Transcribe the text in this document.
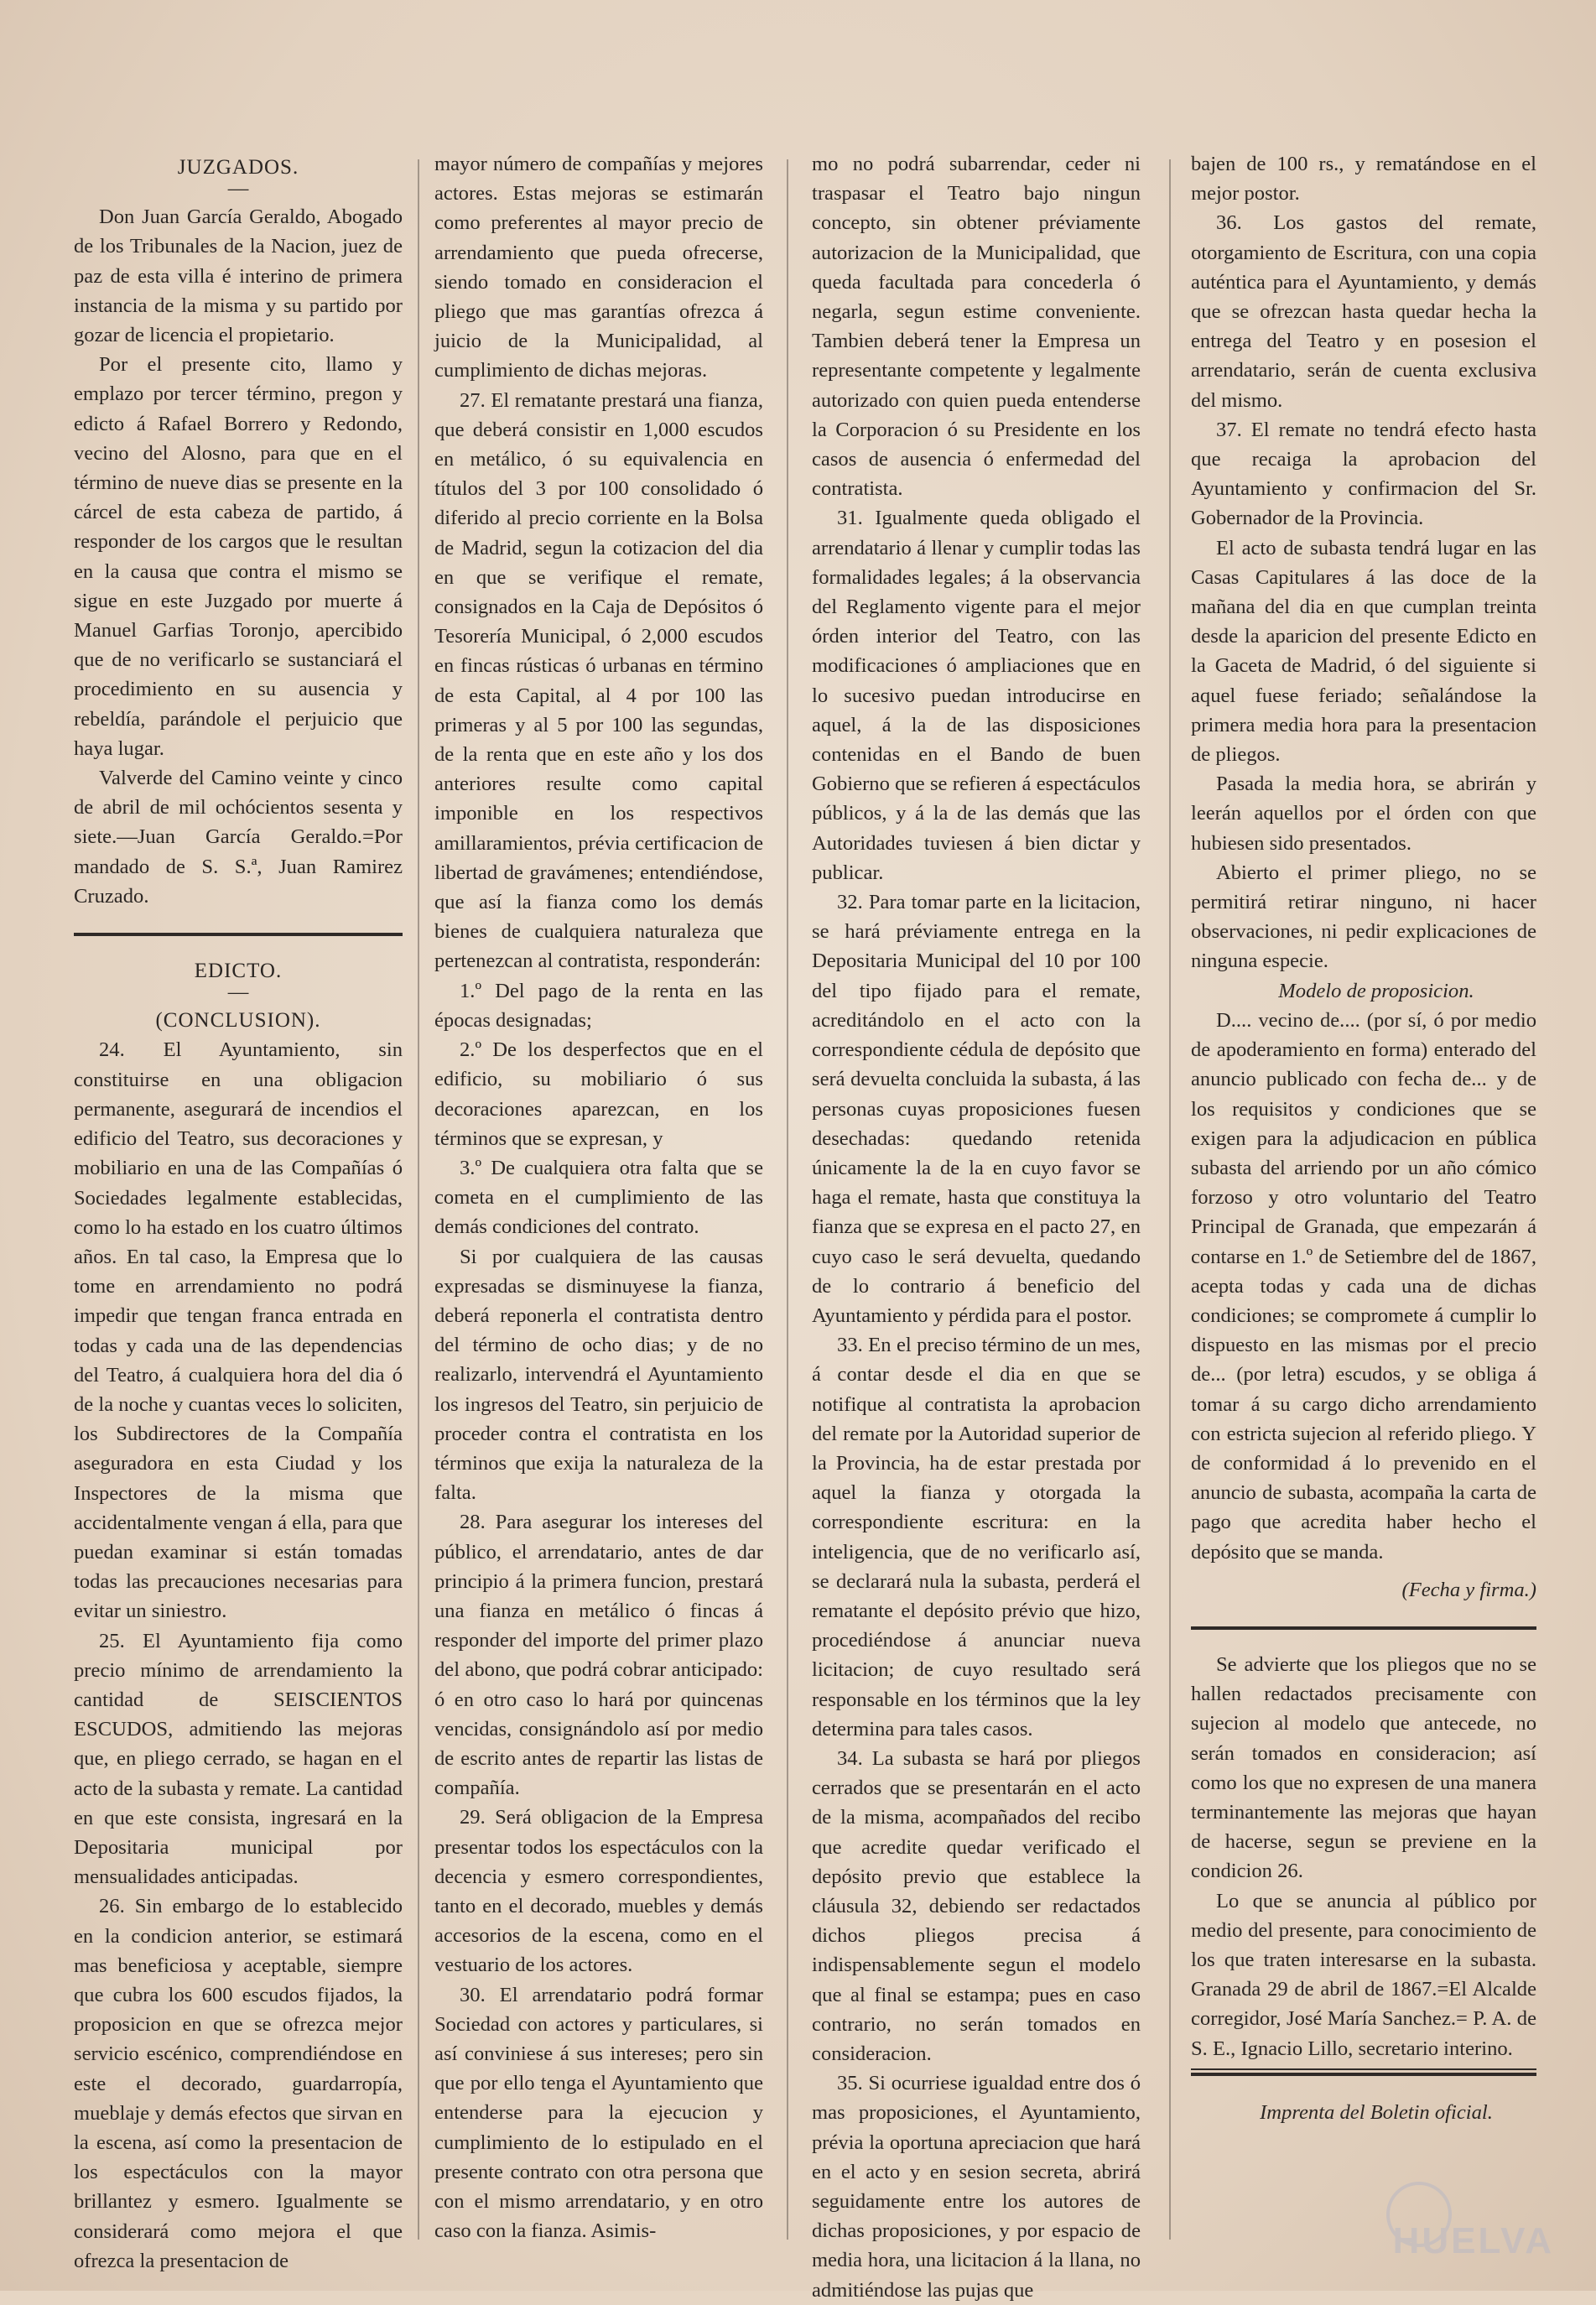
JUZGADOS.
—

Don Juan García Geraldo, Abogado de los Tribunales de la Nacion, juez de paz de esta villa é interino de primera instancia de la misma y su partido por gozar de licencia el propietario.

Por el presente cito, llamo y emplazo por tercer término, pregon y edicto á Rafael Borrero y Redondo, vecino del Alosno, para que en el término de nueve dias se presente en la cárcel de esta cabeza de partido, á responder de los cargos que le resultan en la causa que contra el mismo se sigue en este Juzgado por muerte á Manuel Garfias Toronjo, apercibido que de no verificarlo se sustanciará el procedimiento en su ausencia y rebeldía, parándole el perjuicio que haya lugar.

Valverde del Camino veinte y cinco de abril de mil ochócientos sesenta y siete.—Juan García Geraldo.=Por mandado de S. S.ª, Juan Ramirez Cruzado.

EDICTO.
—
(CONCLUSION).

24. El Ayuntamiento, sin constituirse en una obligacion permanente, asegurará de incendios el edificio del Teatro, sus decoraciones y mobiliario en una de las Compañías ó Sociedades legalmente establecidas, como lo ha estado en los cuatro últimos años. En tal caso, la Empresa que lo tome en arrendamiento no podrá impedir que tengan franca entrada en todas y cada una de las dependencias del Teatro, á cualquiera hora del dia ó de la noche y cuantas veces lo soliciten, los Subdirectores de la Compañía aseguradora en esta Ciudad y los Inspectores de la misma que accidentalmente vengan á ella, para que puedan examinar si están tomadas todas las precauciones necesarias para evitar un siniestro.

25. El Ayuntamiento fija como precio mínimo de arrendamiento la cantidad de SEISCIENTOS ESCUDOS, admitiendo las mejoras que, en pliego cerrado, se hagan en el acto de la subasta y remate. La cantidad en que este consista, ingresará en la Depositaria municipal por mensualidades anticipadas.

26. Sin embargo de lo establecido en la condicion anterior, se estimará mas beneficiosa y aceptable, siempre que cubra los 600 escudos fijados, la proposicion en que se ofrezca mejor servicio escénico, comprendiéndose en este el decorado, guardarropía, mueblaje y demás efectos que sirvan en la escena, así como la presentacion de los espectáculos con la mayor brillantez y esmero. Igualmente se considerará como mejora el que ofrezca la presentacion de

mayor número de compañías y mejores actores. Estas mejoras se estimarán como preferentes al mayor precio de arrendamiento que pueda ofrecerse, siendo tomado en consideracion el pliego que mas garantías ofrezca á juicio de la Municipalidad, al cumplimiento de dichas mejoras.

27. El rematante prestará una fianza, que deberá consistir en 1,000 escudos en metálico, ó su equivalencia en títulos del 3 por 100 consolidado ó diferido al precio corriente en la Bolsa de Madrid, segun la cotizacion del dia en que se verifique el remate, consignados en la Caja de Depósitos ó Tesorería Municipal, ó 2,000 escudos en fincas rústicas ó urbanas en término de esta Capital, al 4 por 100 las primeras y al 5 por 100 las segundas, de la renta que en este año y los dos anteriores resulte como capital imponible en los respectivos amillaramientos, prévia certificacion de libertad de gravámenes; entendiéndose, que así la fianza como los demás bienes de cualquiera naturaleza que pertenezcan al contratista, responderán:

1.º Del pago de la renta en las épocas designadas;

2.º De los desperfectos que en el edificio, su mobiliario ó sus decoraciones aparezcan, en los términos que se expresan, y

3.º De cualquiera otra falta que se cometa en el cumplimiento de las demás condiciones del contrato.

Si por cualquiera de las causas expresadas se disminuyese la fianza, deberá reponerla el contratista dentro del término de ocho dias; y de no realizarlo, intervendrá el Ayuntamiento los ingresos del Teatro, sin perjuicio de proceder contra el contratista en los términos que exija la naturaleza de la falta.

28. Para asegurar los intereses del público, el arrendatario, antes de dar principio á la primera funcion, prestará una fianza en metálico ó fincas á responder del importe del primer plazo del abono, que podrá cobrar anticipado: ó en otro caso lo hará por quincenas vencidas, consignándolo así por medio de escrito antes de repartir las listas de compañía.

29. Será obligacion de la Empresa presentar todos los espectáculos con la decencia y esmero correspondientes, tanto en el decorado, muebles y demás accesorios de la escena, como en el vestuario de los actores.

30. El arrendatario podrá formar Sociedad con actores y particulares, si así conviniese á sus intereses; pero sin que por ello tenga el Ayuntamiento que entenderse para la ejecucion y cumplimiento de lo estipulado en el presente contrato con otra persona que con el mismo arrendatario, y en otro caso con la fianza. Asimis-

mo no podrá subarrendar, ceder ni traspasar el Teatro bajo ningun concepto, sin obtener préviamente autorizacion de la Municipalidad, que queda facultada para concederla ó negarla, segun estime conveniente. Tambien deberá tener la Empresa un representante competente y legalmente autorizado con quien pueda entenderse la Corporacion ó su Presidente en los casos de ausencia ó enfermedad del contratista.

31. Igualmente queda obligado el arrendatario á llenar y cumplir todas las formalidades legales; á la observancia del Reglamento vigente para el mejor órden interior del Teatro, con las modificaciones ó ampliaciones que en lo sucesivo puedan introducirse en aquel, á la de las disposiciones contenidas en el Bando de buen Gobierno que se refieren á espectáculos públicos, y á la de las demás que las Autoridades tuviesen á bien dictar y publicar.

32. Para tomar parte en la licitacion, se hará préviamente entrega en la Depositaria Municipal del 10 por 100 del tipo fijado para el remate, acreditándolo en el acto con la correspondiente cédula de depósito que será devuelta concluida la subasta, á las personas cuyas proposiciones fuesen desechadas: quedando retenida únicamente la de la en cuyo favor se haga el remate, hasta que constituya la fianza que se expresa en el pacto 27, en cuyo caso le será devuelta, quedando de lo contrario á beneficio del Ayuntamiento y pérdida para el postor.

33. En el preciso término de un mes, á contar desde el dia en que se notifique al contratista la aprobacion del remate por la Autoridad superior de la Provincia, ha de estar prestada por aquel la fianza y otorgada la correspondiente escritura: en la inteligencia, que de no verificarlo así, se declarará nula la subasta, perderá el rematante el depósito prévio que hizo, procediéndose á anunciar nueva licitacion; de cuyo resultado será responsable en los términos que la ley determina para tales casos.

34. La subasta se hará por pliegos cerrados que se presentarán en el acto de la misma, acompañados del recibo que acredite quedar verificado el depósito previo que establece la cláusula 32, debiendo ser redactados dichos pliegos precisa á indispensablemente segun el modelo que al final se estampa; pues en caso contrario, no serán tomados en consideracion.

35. Si ocurriese igualdad entre dos ó mas proposiciones, el Ayuntamiento, prévia la oportuna apreciacion que hará en el acto y en sesion secreta, abrirá seguidamente entre los autores de dichas proposiciones, y por espacio de media hora, una licitacion á la llana, no admitiéndose las pujas que

bajen de 100 rs., y rematándose en el mejor postor.

36. Los gastos del remate, otorgamiento de Escritura, con una copia auténtica para el Ayuntamiento, y demás que se ofrezcan hasta quedar hecha la entrega del Teatro y en posesion el arrendatario, serán de cuenta exclusiva del mismo.

37. El remate no tendrá efecto hasta que recaiga la aprobacion del Ayuntamiento y confirmacion del Sr. Gobernador de la Provincia.

El acto de subasta tendrá lugar en las Casas Capitulares á las doce de la mañana del dia en que cumplan treinta desde la aparicion del presente Edicto en la Gaceta de Madrid, ó del siguiente si aquel fuese feriado; señalándose la primera media hora para la presentacion de pliegos.

Pasada la media hora, se abrirán y leerán aquellos por el órden con que hubiesen sido presentados.

Abierto el primer pliego, no se permitirá retirar ninguno, ni hacer observaciones, ni pedir explicaciones de ninguna especie.

Modelo de proposicion.

D.... vecino de.... (por sí, ó por medio de apoderamiento en forma) enterado del anuncio publicado con fecha de... y de los requisitos y condiciones que se exigen para la adjudicacion en pública subasta del arriendo por un año cómico forzoso y otro voluntario del Teatro Principal de Granada, que empezarán á contarse en 1.º de Setiembre del de 1867, acepta todas y cada una de dichas condiciones; se compromete á cumplir lo dispuesto en las mismas por el precio de... (por letra) escudos, y se obliga á tomar á su cargo dicho arrendamiento con estricta sujecion al referido pliego. Y de conformidad á lo prevenido en el anuncio de subasta, acompaña la carta de pago que acredita haber hecho el depósito que se manda.

(Fecha y firma.)

Se advierte que los pliegos que no se hallen redactados precisamente con sujecion al modelo que antecede, no serán tomados en consideracion; así como los que no expresen de una manera terminantemente las mejoras que hayan de hacerse, segun se previene en la condicion 26.

Lo que se anuncia al público por medio del presente, para conocimiento de los que traten interesarse en la subasta. Granada 29 de abril de 1867.=El Alcalde corregidor, José María Sanchez.= P. A. de S. E., Ignacio Lillo, secretario interino.

Imprenta del Boletin oficial.

HUELVA
